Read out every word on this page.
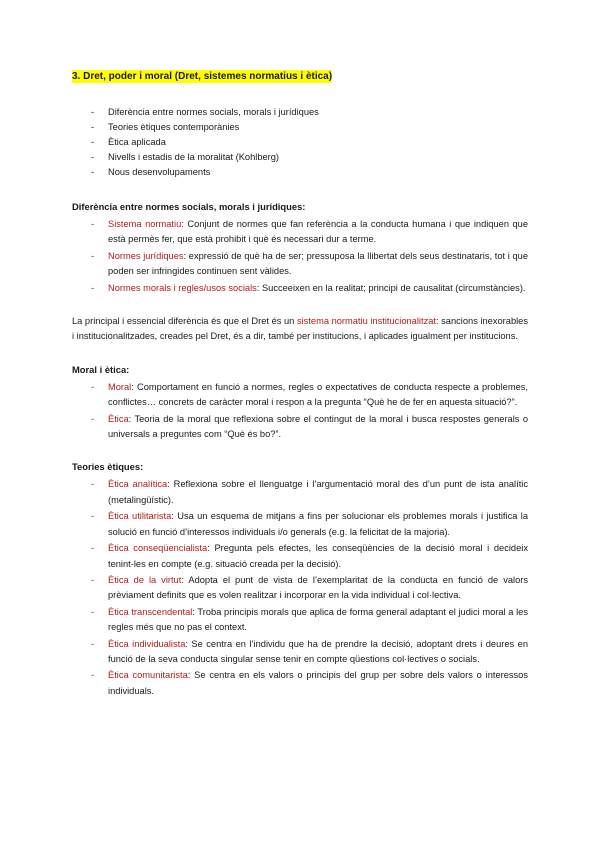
3. Dret, poder i moral (Dret, sistemes normatius i ètica)

- Diferència entre normes socials, morals i jurídiques
- Teories ètiques contemporànies
- Ètica aplicada
- Nivells i estadis de la moralitat (Kohlberg)
- Nous desenvolupaments

Diferència entre normes socials, morals i jurídiques:

- Sistema normatiu: Conjunt de normes que fan referència a la conducta humana i que indiquen que està permès fer, que està prohibit i què és necessari dur a terme.
- Normes jurídiques: expressió de què ha de ser; pressuposa la llibertat dels seus destinataris, tot i que poden ser infringides continuen sent vàlides.
- Normes morals i regles/usos socials: Succeeixen en la realitat; principi de causalitat (circumstàncies).

La principal i essencial diferència és que el Dret és un sistema normatiu institucionalitzat: sancions inexorables i institucionalitzades, creades pel Dret, és a dir, també per institucions, i aplicades igualment per institucions.

Moral i ètica:

- Moral: Comportament en funció a normes, regles o expectatives de conducta respecte a problemes, conflictes… concrets de caràcter moral i respon a la pregunta “Què he de fer en aquesta situació?”.
- Ètica: Teoria de la moral que reflexiona sobre el contingut de la moral i busca respostes generals o universals a preguntes com “Què és bo?”.

Teories ètiques:

- Ètica analítica: Reflexiona sobre el llenguatge i l’argumentació moral des d’un punt de ista analític (metalingüístic).
- Ètica utilitarista: Usa un esquema de mitjans a fins per solucionar els problemes morals i justifica la solució en funció d’interessos individuals i/o generals (e.g. la felicitat de la majoria).
- Ètica conseqüencialista: Pregunta pels efectes, les conseqüències de la decisió moral i decideix tenint-les en compte (e.g. situació creada per la decisió).
- Ètica de la virtut: Adopta el punt de vista de l’exemplaritat de la conducta en funció de valors prèviament definits que es volen realitzar i incorporar en la vida individual i col·lectiva.
- Ètica transcendental: Troba principis morals que aplica de forma general adaptant el judici moral a les regles més que no pas el context.
- Ètica individualista: Se centra en l’individu que ha de prendre la decisió, adoptant drets i deures en funció de la seva conducta singular sense tenir en compte qüestions col·lectives o socials.
- Ètica comunitarista: Se centra en els valors o principis del grup per sobre dels valors o interessos individuals.
